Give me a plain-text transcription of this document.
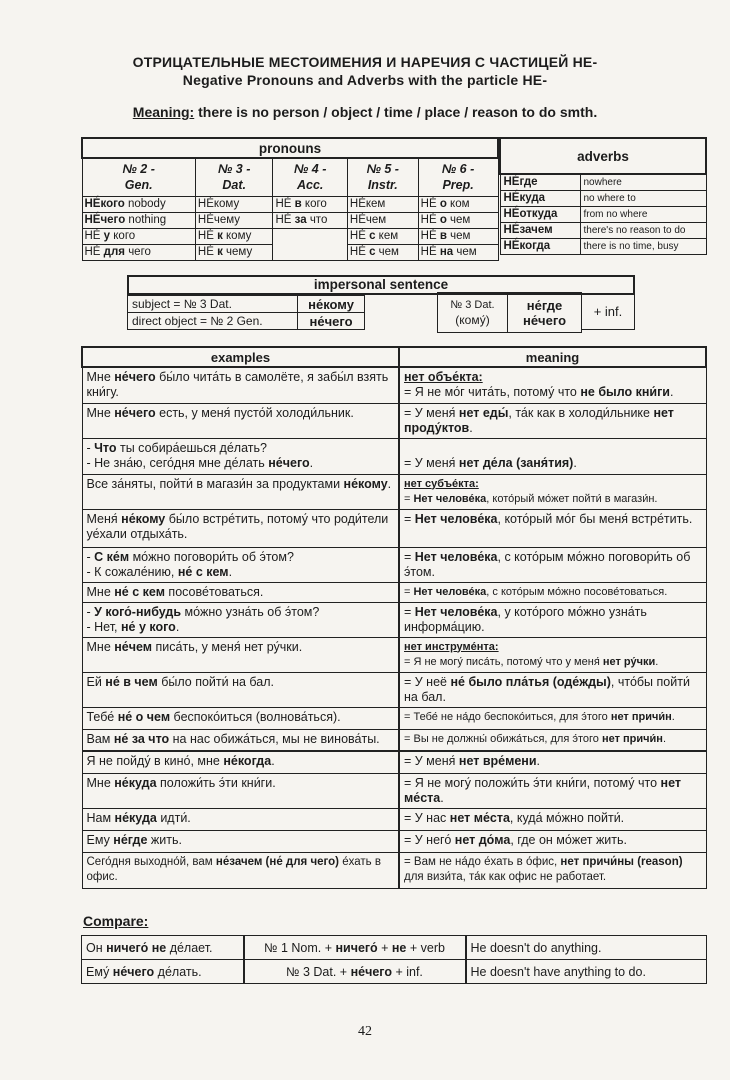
ОТРИЦАТЕЛЬНЫЕ МЕСТОИМЕНИЯ И НАРЕЧИЯ С ЧАСТИЦЕЙ НЕ-
Negative Pronouns and Adverbs with the particle НЕ-
Meaning: there is no person / object / time / place / reason to do smth.
pronouns				
№ 2 -
Gen.	№ 3 -
Dat.	№ 4 -
Acc.	№ 5 -
Instr.	№ 6 -
Prep.
НЕ́кого nobody	НЕ́кому	НЕ́ в кого	НЕ́кем	НЕ́ о ком
НЕ́чего nothing	НЕ́чему	НЕ́ за что	НЕ́чем	НЕ́ о чем
НЕ́ у кого	НЕ́ к кому		НЕ́ с кем	НЕ́ в чем
НЕ́ для чего	НЕ́ к чему		НЕ́ с чем	НЕ́ на чем
adverbs	
НЕ́где	nowhere
НЕ́куда	no where to
НЕ́откуда	from no where
НЕ́зачем	there's no reason to do
НЕ́когда	there is no time, busy
impersonal sentence
subject = № 3 Dat.	не́кому
direct object = № 2 Gen.	не́чего
№ 3 Dat.
(кому́)	не́где
не́чего
+ inf.
examples	meaning
Мне не́чего бы́ло чита́ть в самолёте, я забы́л взять кни́гу.	нет объе́кта:
= Я не мо́г чита́ть, потому́ что не было кни́ги.
Мне не́чего есть, у меня́ пусто́й холоди́льник.	= У меня́ нет еды́, та́к как в холоди́льнике нет проду́ктов.
- Что ты собира́ешься де́лать?
- Не зна́ю, сего́дня мне де́лать не́чего.	= У меня́ нет де́ла (заня́тия).
Все за́няты, пойти́ в магази́н за продуктами не́кому.	нет субъе́кта:
= Нет челове́ка, кото́рый мо́жет пойти́ в магази́н.
Меня́ не́кому бы́ло встре́тить, потому́ что роди́тели уе́хали отдыха́ть.	= Нет челове́ка, кото́рый мо́г бы меня́ встре́тить.
- С ке́м мо́жно поговори́ть об э́том?
- К сожале́нию, не́ с кем.	= Нет челове́ка, с кото́рым мо́жно поговори́ть об э́том.
Мне не́ с кем посове́товаться.	= Нет челове́ка, с кото́рым мо́жно посове́товаться.
- У кого́-нибудь мо́жно узна́ть об э́том?
- Нет, не́ у кого.	= Нет челове́ка, у кото́рого мо́жно узна́ть информа́цию.
Мне не́чем писа́ть, у меня́ нет ру́чки.	нет инструме́нта:
= Я не могу́ писа́ть, потому́ что у меня́ нет ру́чки.
Ей не́ в чем бы́ло пойти́ на бал.	= У неё не́ было пла́тья (оде́жды), что́бы пойти́ на бал.
Тебе́ не́ о чем беспоко́иться (волнова́ться).	= Тебе́ не на́до беспоко́иться, для э́того нет причи́н.
Вам не́ за что на нас обижа́ться, мы не винова́ты.	= Вы не должны́ обижа́ться, для э́того нет причи́н.
Я не пойду́ в кино́, мне не́когда.	= У меня́ нет вре́мени.
Мне не́куда положи́ть э́ти кни́ги.	= Я не могу́ положи́ть э́ти кни́ги, потому́ что нет ме́ста.
Нам не́куда идти́.	= У нас нет ме́ста, куда́ мо́жно пойти́.
Ему не́где жить.	= У него́ нет до́ма, где он мо́жет жить.
Сего́дня выходно́й, вам не́зачем (не́ для чего) е́хать в офис.	= Вам не на́до е́хать в о́фис, нет причи́ны (reason) для визи́та, та́к как офис не работает.
Compare:
Он ничего́ не де́лает.	№ 1 Nom. + ничего́ + не + verb	He doesn't do anything.
Ему́ не́чего де́лать.	№ 3 Dat. + не́чего + inf.	He doesn't have anything to do.
42
